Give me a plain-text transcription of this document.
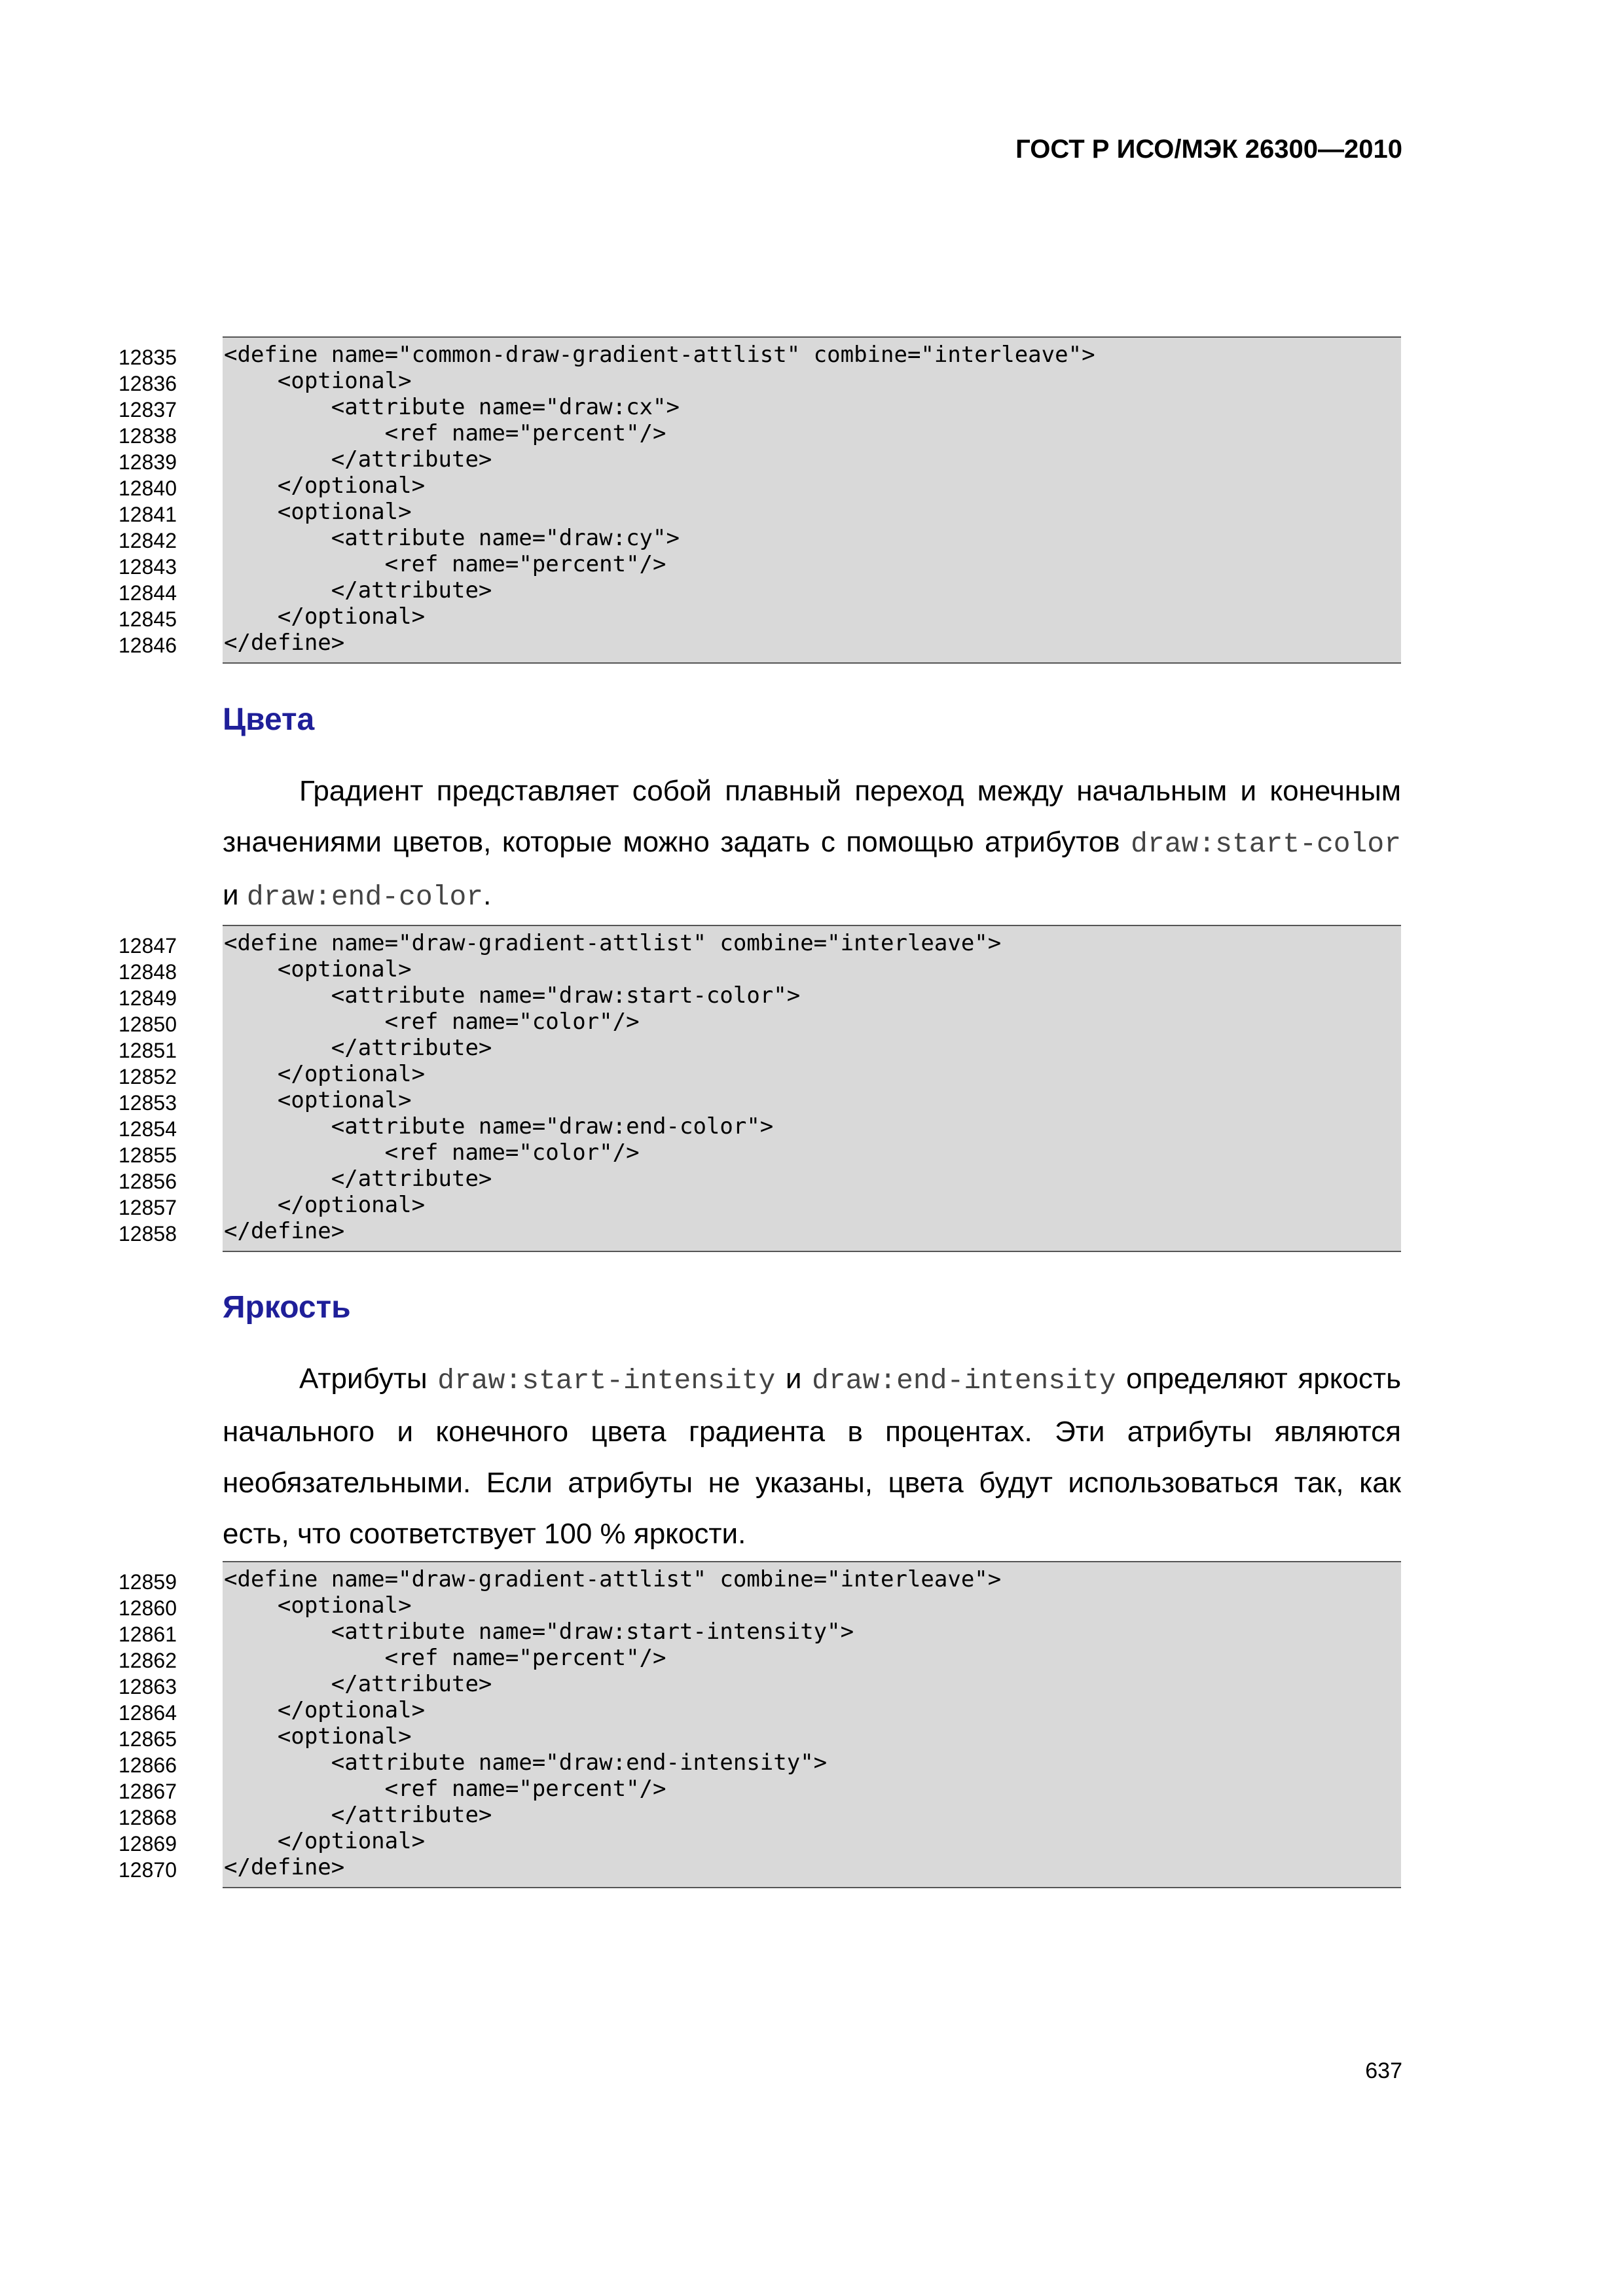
ГОСТ Р ИСО/МЭК 26300—2010
12835
12836
12837
12838
12839
12840
12841
12842
12843
12844
12845
12846
<define name="common-draw-gradient-attlist" combine="interleave">
<optional>
<attribute name="draw:cx">
<ref name="percent"/>
</attribute>
</optional>
<optional>
<attribute name="draw:cy">
<ref name="percent"/>
</attribute>
</optional>
</define>
Цвета
Градиент представляет собой плавный переход между начальным и конечным значениями цветов, которые можно задать с помощью атрибутов draw:start-color и draw:end-color.
12847
12848
12849
12850
12851
12852
12853
12854
12855
12856
12857
12858
<define name="draw-gradient-attlist" combine="interleave">
<optional>
<attribute name="draw:start-color">
<ref name="color"/>
</attribute>
</optional>
<optional>
<attribute name="draw:end-color">
<ref name="color"/>
</attribute>
</optional>
</define>
Яркость
Атрибуты draw:start-intensity и draw:end-intensity определяют яркость начального и конечного цвета градиента в процентах. Эти атрибуты являются необязательными. Если атрибуты не указаны, цвета будут использоваться так, как есть, что соответствует 100 % яркости.
12859
12860
12861
12862
12863
12864
12865
12866
12867
12868
12869
12870
<define name="draw-gradient-attlist" combine="interleave">
<optional>
<attribute name="draw:start-intensity">
<ref name="percent"/>
</attribute>
</optional>
<optional>
<attribute name="draw:end-intensity">
<ref name="percent"/>
</attribute>
</optional>
</define>
637
